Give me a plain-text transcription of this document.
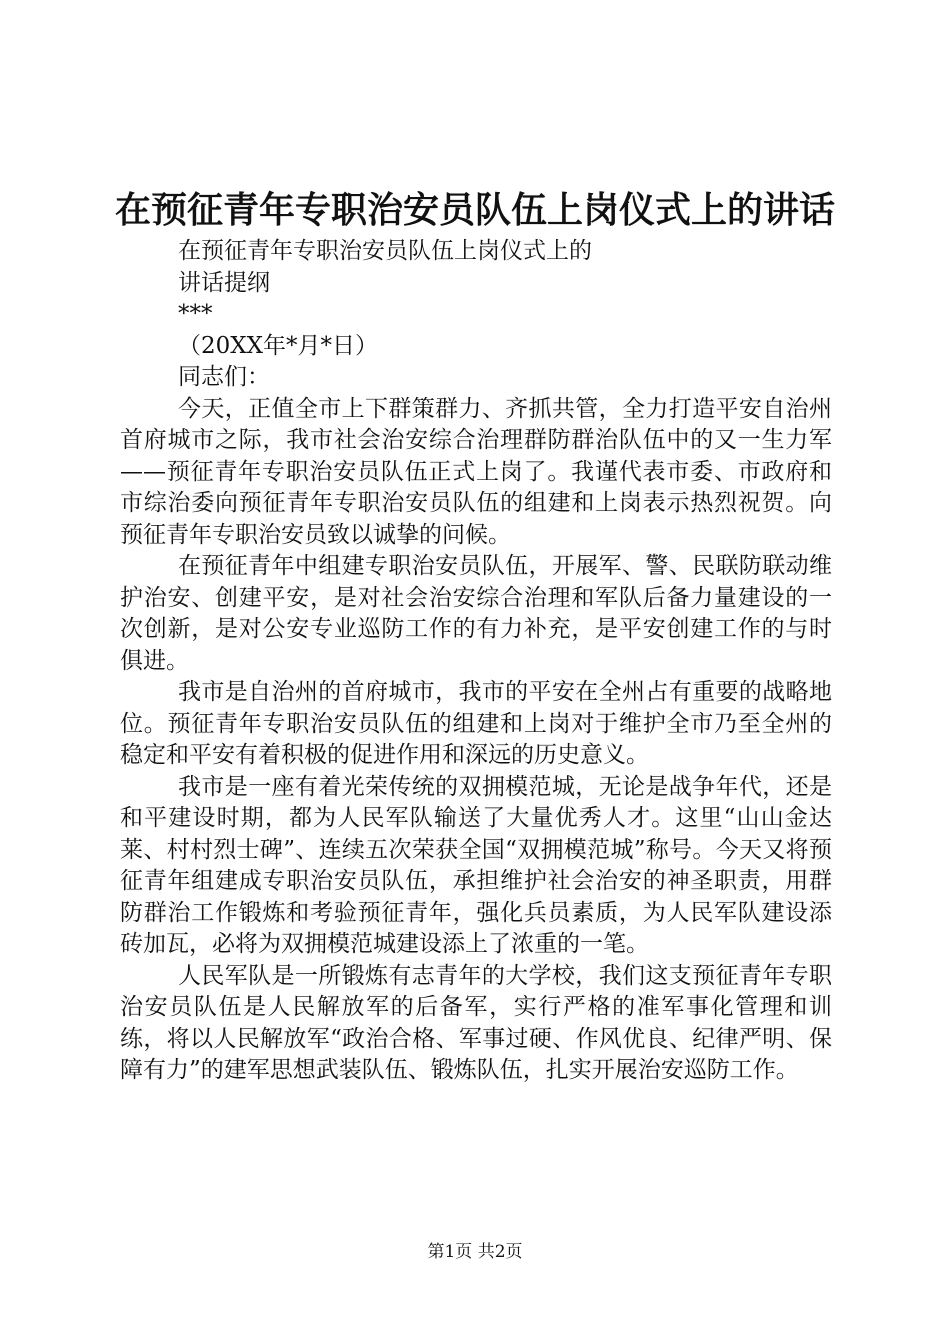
在预征青年专职治安员队伍上岗仪式上的讲话
在预征青年专职治安员队伍上岗仪式上的
讲话提纲
***
（20XX年*月*日）
同志们：

今天，正值全市上下群策群力、齐抓共管，全力打造平安自治州首府城市之际，我市社会治安综合治理群防群治队伍中的又一生力军——预征青年专职治安员队伍正式上岗了。我谨代表市委、市政府和市综治委向预征青年专职治安员队伍的组建和上岗表示热烈祝贺。向预征青年专职治安员致以诚挚的问候。

在预征青年中组建专职治安员队伍，开展军、警、民联防联动维护治安、创建平安，是对社会治安综合治理和军队后备力量建设的一次创新，是对公安专业巡防工作的有力补充，是平安创建工作的与时俱进。

我市是自治州的首府城市，我市的平安在全州占有重要的战略地位。预征青年专职治安员队伍的组建和上岗对于维护全市乃至全州的稳定和平安有着积极的促进作用和深远的历史意义。

我市是一座有着光荣传统的双拥模范城，无论是战争年代，还是和平建设时期，都为人民军队输送了大量优秀人才。这里“山山金达莱、村村烈士碑”、连续五次荣获全国“双拥模范城”称号。今天又将预征青年组建成专职治安员队伍，承担维护社会治安的神圣职责，用群防群治工作锻炼和考验预征青年，强化兵员素质，为人民军队建设添砖加瓦，必将为双拥模范城建设添上了浓重的一笔。

人民军队是一所锻炼有志青年的大学校，我们这支预征青年专职治安员队伍是人民解放军的后备军，实行严格的准军事化管理和训练，将以人民解放军“政治合格、军事过硬、作风优良、纪律严明、保障有力”的建军思想武装队伍、锻炼队伍，扎实开展治安巡防工作。

第1页 共2页
